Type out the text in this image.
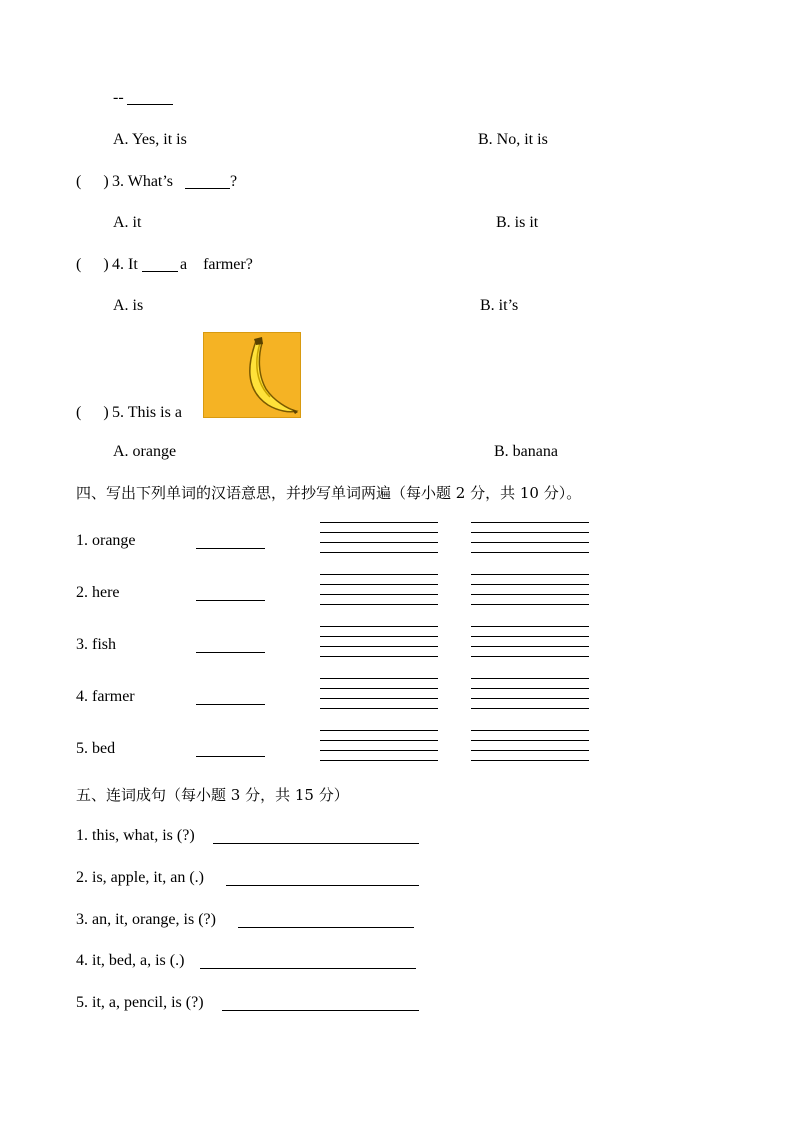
--
A. Yes, it is	B. No, it is
( ) 3. What’s	?
A. it	B. is it
( ) 4. It	a    farmer?
A. is	B. it’s
( ) 5. This is a
A. orange	B. banana
四、写出下列单词的汉语意思，并抄写单词两遍（每小题 2 分，共 10 分）。
1. orange
2. here
3. fish
4. farmer
5. bed
五、连词成句（每小题 3 分，共 15 分）
1. this, what, is (?)
2. is, apple, it, an (.)
3. an, it, orange, is (?)
4. it, bed, a, is (.)
5. it, a, pencil, is (?)
